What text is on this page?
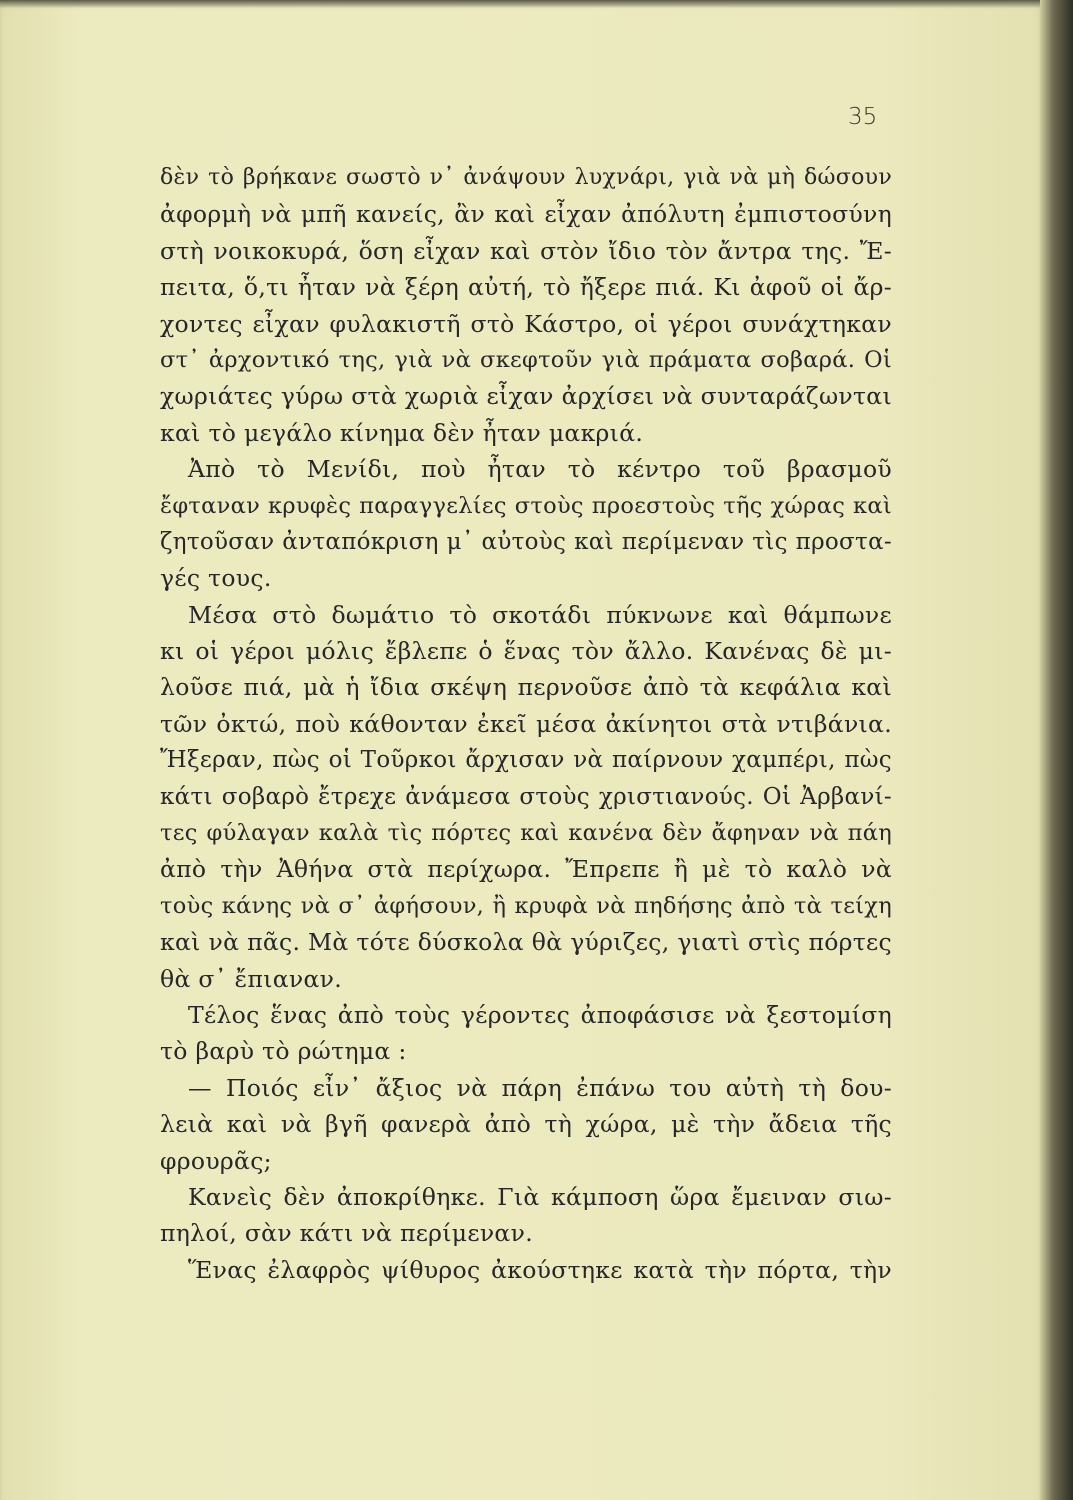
35
δὲν τὸ βρήκανε σωστὸ ν᾽ ἀνάψουν λυχνάρι, γιὰ νὰ μὴ δώσουν
ἀφορμὴ νὰ μπῆ κανείς, ἂν καὶ εἶχαν ἀπόλυτη ἐμπιστοσύνη
στὴ νοικοκυρά, ὅση εἶχαν καὶ στὸν ἴδιο τὸν ἄντρα της. Ἔ-
πειτα, ὅ,τι ἦταν νὰ ξέρη αὐτή, τὸ ἤξερε πιά. Κι ἀφοῦ οἱ ἄρ-
χοντες εἶχαν φυλακιστῆ στὸ Κάστρο, οἱ γέροι συνάχτηκαν
στ᾽ ἀρχοντικό της, γιὰ νὰ σκεφτοῦν γιὰ πράματα σοβαρά. Οἱ
χωριάτες γύρω στὰ χωριὰ εἶχαν ἀρχίσει νὰ συνταράζωνται
καὶ τὸ μεγάλο κίνημα δὲν ἦταν μακριά.
Ἀπὸ τὸ Μενίδι, ποὺ ἦταν τὸ κέντρο τοῦ βρασμοῦ
ἔφταναν κρυφὲς παραγγελίες στοὺς προεστοὺς τῆς χώρας καὶ
ζητοῦσαν ἀνταπόκριση μ᾽ αὐτοὺς καὶ περίμεναν τὶς προστα-
γές τους.
Μέσα στὸ δωμάτιο τὸ σκοτάδι πύκνωνε καὶ θάμπωνε
κι οἱ γέροι μόλις ἔβλεπε ὁ ἕνας τὸν ἄλλο. Κανένας δὲ μι-
λοῦσε πιά, μὰ ἡ ἴδια σκέψη περνοῦσε ἀπὸ τὰ κεφάλια καὶ
τῶν ὀκτώ, ποὺ κάθονταν ἐκεῖ μέσα ἀκίνητοι στὰ ντιβάνια.
Ἤξεραν, πὼς οἱ Τοῦρκοι ἄρχισαν νὰ παίρνουν χαμπέρι, πὼς
κάτι σοβαρὸ ἔτρεχε ἀνάμεσα στοὺς χριστιανούς. Οἱ Ἀρβανί-
τες φύλαγαν καλὰ τὶς πόρτες καὶ κανένα δὲν ἄφηναν νὰ πάη
ἀπὸ τὴν Ἀθήνα στὰ περίχωρα. Ἔπρεπε ἢ μὲ τὸ καλὸ νὰ
τοὺς κάνης νὰ σ᾽ ἀφήσουν, ἢ κρυφὰ νὰ πηδήσης ἀπὸ τὰ τείχη
καὶ νὰ πᾶς. Μὰ τότε δύσκολα θὰ γύριζες, γιατὶ στὶς πόρτες
θὰ σ᾽ ἔπιαναν.
Τέλος ἕνας ἀπὸ τοὺς γέροντες ἀποφάσισε νὰ ξεστομίση
τὸ βαρὺ τὸ ρώτημα :
— Ποιός εἶν᾽ ἄξιος νὰ πάρη ἐπάνω του αὐτὴ τὴ δου-
λειὰ καὶ νὰ βγῆ φανερὰ ἀπὸ τὴ χώρα, μὲ τὴν ἄδεια τῆς
φρουρᾶς;
Κανεὶς δὲν ἀποκρίθηκε. Γιὰ κάμποση ὥρα ἔμειναν σιω-
πηλοί, σὰν κάτι νὰ περίμεναν.
Ἕνας ἐλαφρὸς ψίθυρος ἀκούστηκε κατὰ τὴν πόρτα, τὴν
